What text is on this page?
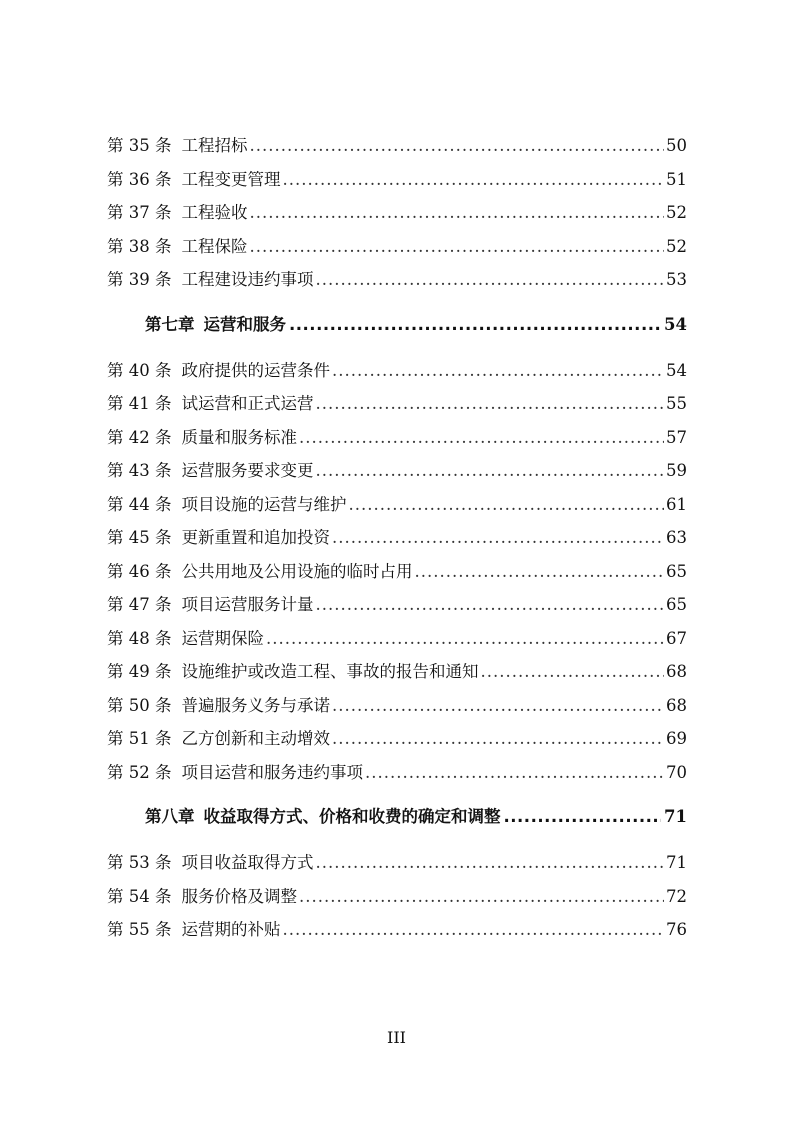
第 35 条 工程招标 .....	50
第 36 条 工程变更管理 .....	51
第 37 条 工程验收 .....	52
第 38 条 工程保险 .....	52
第 39 条 工程建设违约事项 .....	53
第七章 运营和服务 .....	54
第 40 条 政府提供的运营条件 .....	54
第 41 条 试运营和正式运营 .....	55
第 42 条 质量和服务标准 .....	57
第 43 条 运营服务要求变更 .....	59
第 44 条 项目设施的运营与维护 .....	61
第 45 条 更新重置和追加投资 .....	63
第 46 条 公共用地及公用设施的临时占用 .....	65
第 47 条 项目运营服务计量 .....	65
第 48 条 运营期保险 .....	67
第 49 条 设施维护或改造工程、事故的报告和通知 .....	68
第 50 条 普遍服务义务与承诺 .....	68
第 51 条 乙方创新和主动增效 .....	69
第 52 条 项目运营和服务违约事项 .....	70
第八章 收益取得方式、价格和收费的确定和调整 .....	71
第 53 条 项目收益取得方式 .....	71
第 54 条 服务价格及调整 .....	72
第 55 条 运营期的补贴 .....	76
III
